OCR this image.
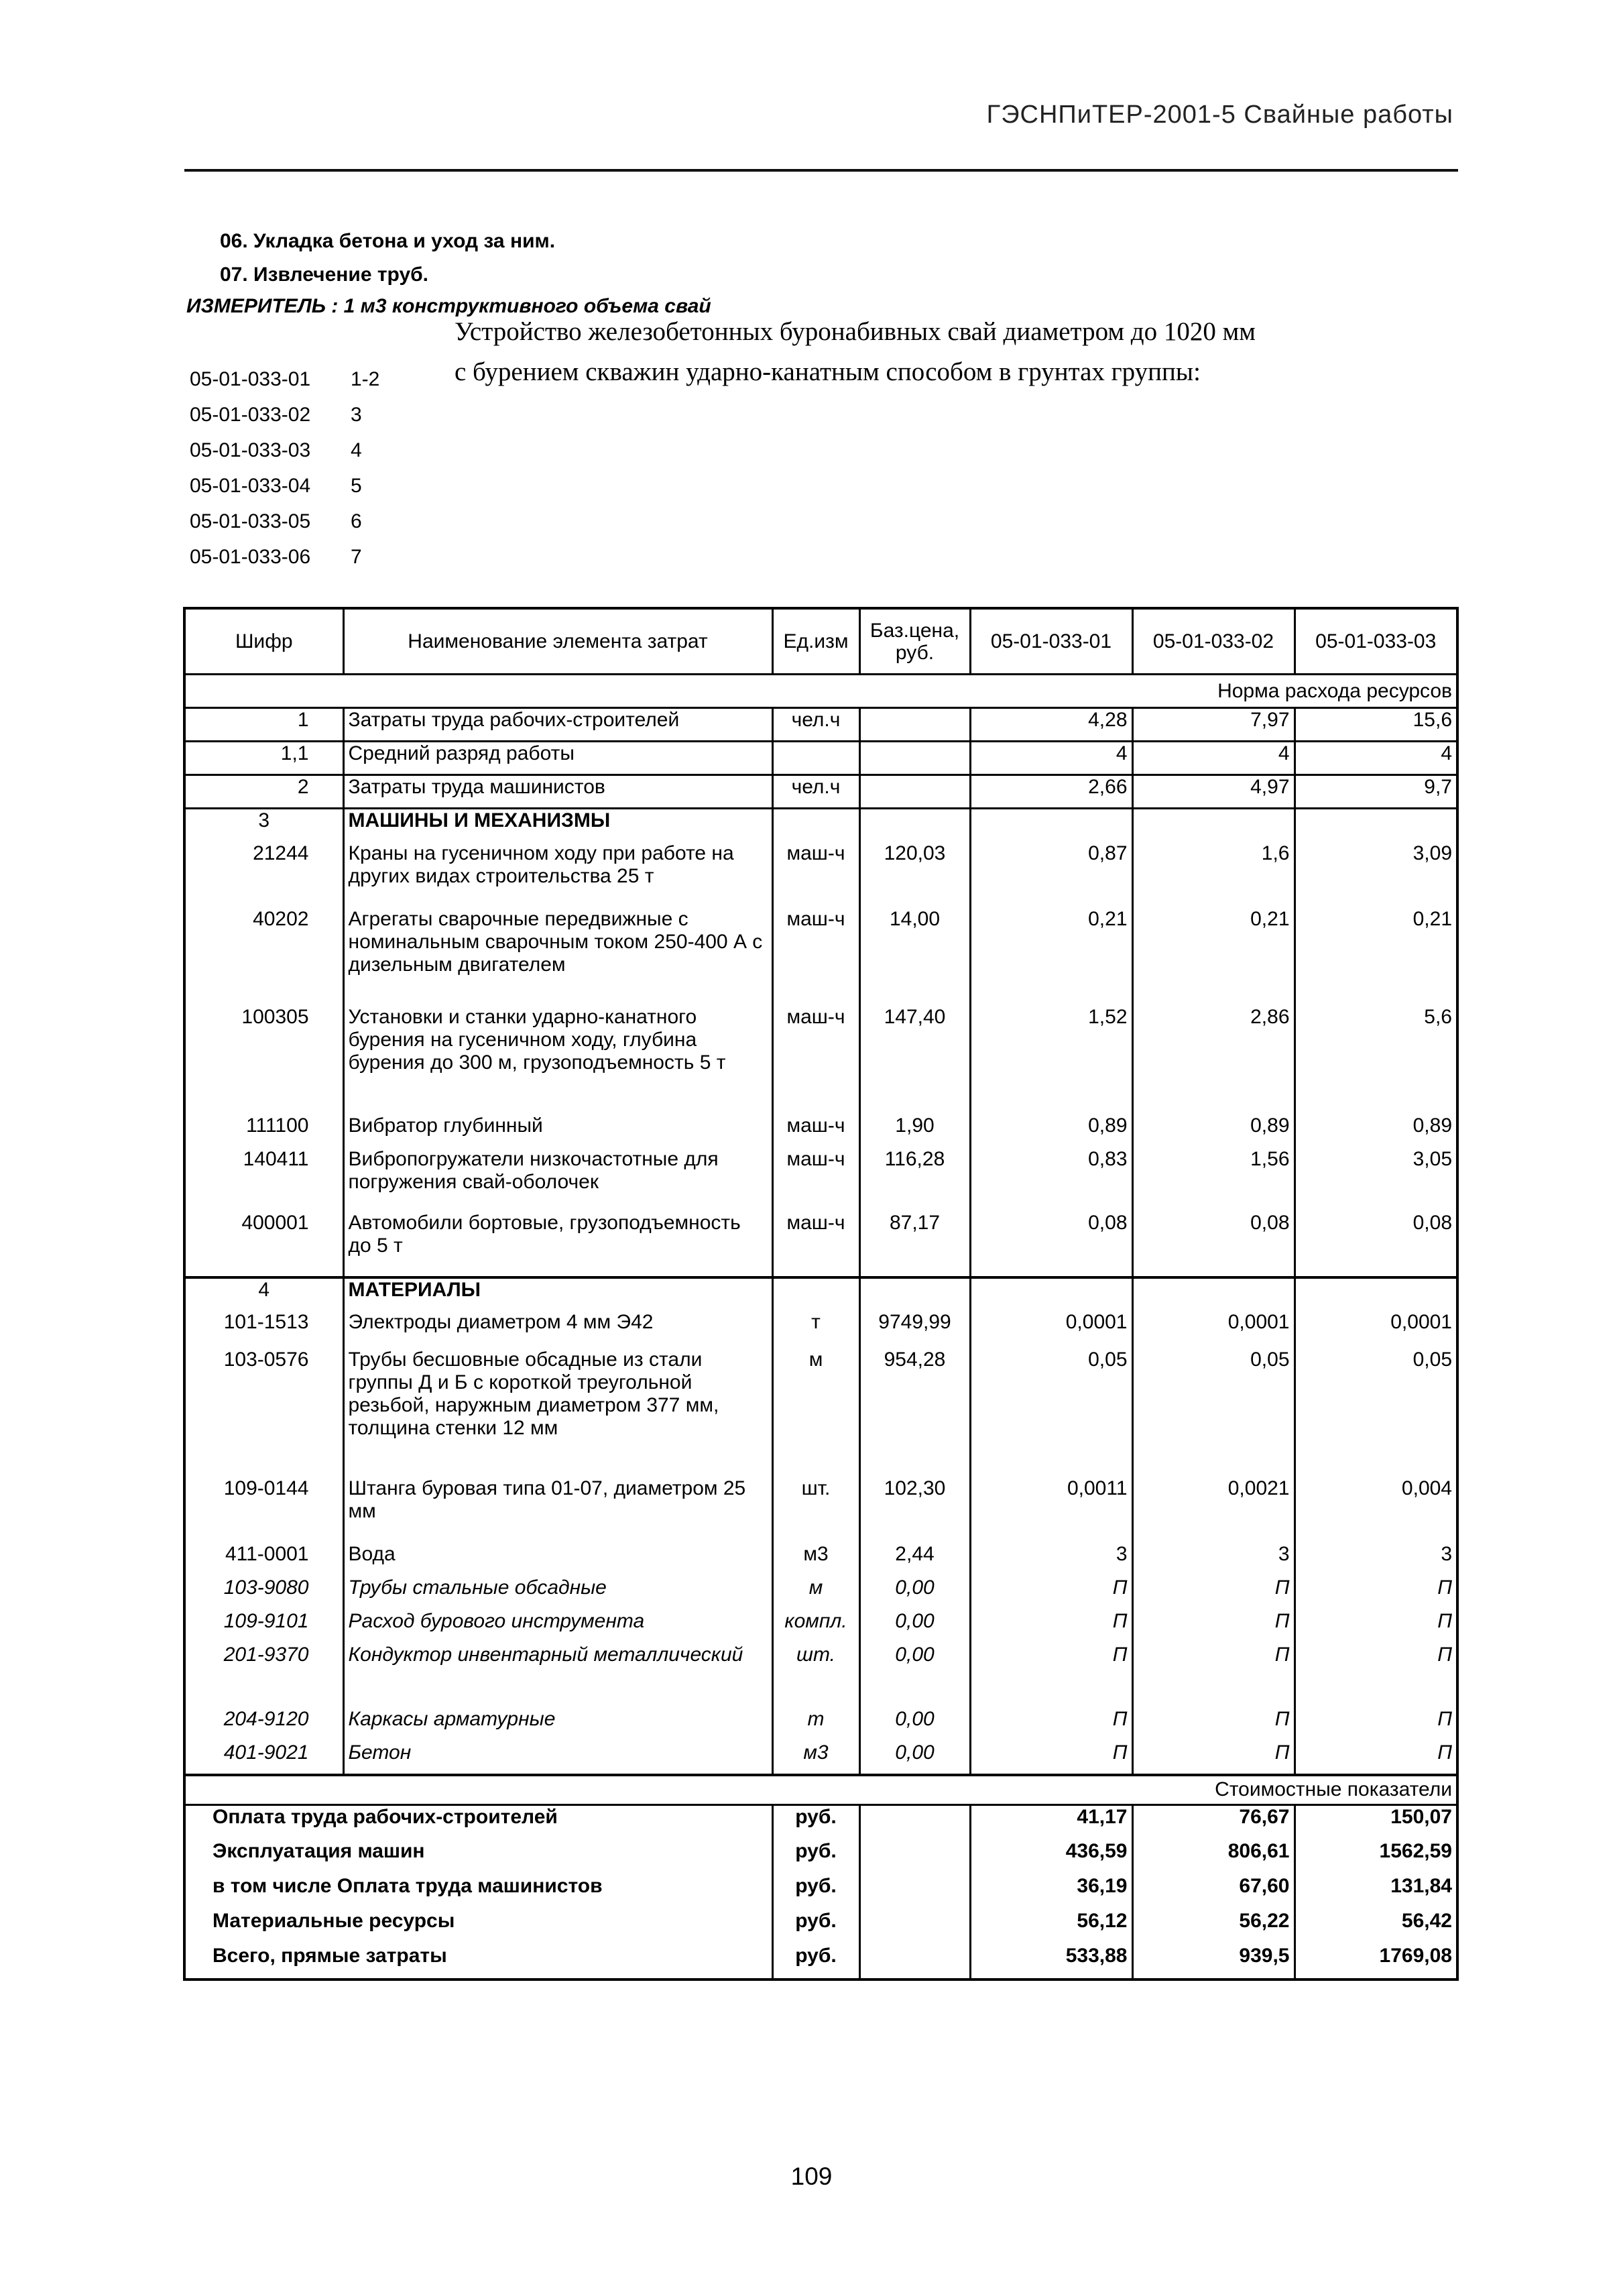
ГЭСНПиТЕР-2001-5 Свайные работы
06. Укладка бетона и уход за ним.
07. Извлечение труб.
ИЗМЕРИТЕЛЬ : 1 м3 конструктивного объема свай
Устройство железобетонных буронабивных свай диаметром до 1020 мм
с бурением скважин ударно-канатным способом в грунтах группы:
05-01-033-01 1-2
05-01-033-02 3
05-01-033-03 4
05-01-033-04 5
05-01-033-05 6
05-01-033-06 7
Шифр	Наименование элемента затрат	Ед.изм	Баз.цена, руб.	05-01-033-01	05-01-033-02	05-01-033-03
Норма расхода ресурсов						
1	Затраты труда рабочих-строителей	чел.ч		4,28	7,97	15,6
1,1	Средний разряд работы			4	4	4
2	Затраты труда машинистов	чел.ч		2,66	4,97	9,7
3	МАШИНЫ И МЕХАНИЗМЫ					
21244	Краны на гусеничном ходу при работе на других видах строительства 25 т	маш-ч	120,03	0,87	1,6	3,09
40202	Агрегаты сварочные передвижные с номинальным сварочным током 250-400 А с дизельным двигателем	маш-ч	14,00	0,21	0,21	0,21
100305	Установки и станки ударно-канатного бурения на гусеничном ходу, глубина бурения до 300 м, грузоподъемность 5 т	маш-ч	147,40	1,52	2,86	5,6
111100	Вибратор глубинный	маш-ч	1,90	0,89	0,89	0,89
140411	Вибропогружатели низкочастотные для погружения свай-оболочек	маш-ч	116,28	0,83	1,56	3,05
400001	Автомобили бортовые, грузоподъемность до 5 т	маш-ч	87,17	0,08	0,08	0,08
4	МАТЕРИАЛЫ					
101-1513	Электроды диаметром 4 мм Э42	т	9749,99	0,0001	0,0001	0,0001
103-0576	Трубы бесшовные обсадные из стали группы Д и Б с короткой треугольной резьбой, наружным диаметром 377 мм, толщина стенки 12 мм	м	954,28	0,05	0,05	0,05
109-0144	Штанга буровая типа 01-07, диаметром 25 мм	шт.	102,30	0,0011	0,0021	0,004
411-0001	Вода	м3	2,44	3	3	3
103-9080	Трубы стальные обсадные	м	0,00	П	П	П
109-9101	Расход бурового инструмента	компл.	0,00	П	П	П
201-9370	Кондуктор инвентарный металлический	шт.	0,00	П	П	П
204-9120	Каркасы арматурные	т	0,00	П	П	П
401-9021	Бетон	м3	0,00	П	П	П
Стоимостные показатели						
Оплата труда рабочих-строителей		руб.		41,17	76,67	150,07
Эксплуатация машин		руб.		436,59	806,61	1562,59
в том числе Оплата труда машинистов		руб.		36,19	67,60	131,84
Материальные ресурсы		руб.		56,12	56,22	56,42
Всего, прямые затраты		руб.		533,88	939,5	1769,08
109
